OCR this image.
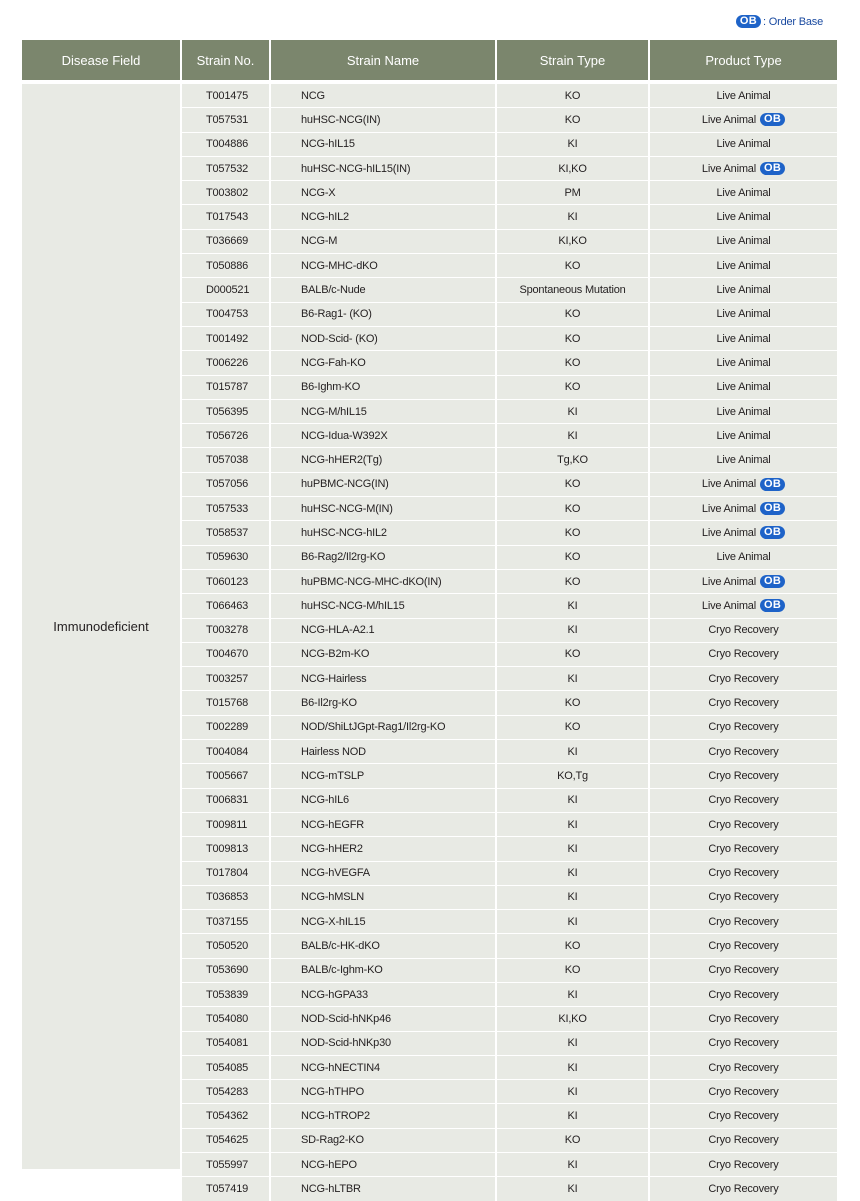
OB : Order Base
Disease Field	Strain No.	Strain Name	Strain Type	Product Type
Immunodeficient
T001475	NCG	KO	Live Animal
T057531	huHSC-NCG(IN)	KO	Live Animal OB
T004886	NCG-hIL15	KI	Live Animal
T057532	huHSC-NCG-hIL15(IN)	KI,KO	Live Animal OB
T003802	NCG-X	PM	Live Animal
T017543	NCG-hIL2	KI	Live Animal
T036669	NCG-M	KI,KO	Live Animal
T050886	NCG-MHC-dKO	KO	Live Animal
D000521	BALB/c-Nude	Spontaneous Mutation	Live Animal
T004753	B6-Rag1- (KO)	KO	Live Animal
T001492	NOD-Scid- (KO)	KO	Live Animal
T006226	NCG-Fah-KO	KO	Live Animal
T015787	B6-Ighm-KO	KO	Live Animal
T056395	NCG-M/hIL15	KI	Live Animal
T056726	NCG-Idua-W392X	KI	Live Animal
T057038	NCG-hHER2(Tg)	Tg,KO	Live Animal
T057056	huPBMC-NCG(IN)	KO	Live Animal OB
T057533	huHSC-NCG-M(IN)	KO	Live Animal OB
T058537	huHSC-NCG-hIL2	KO	Live Animal OB
T059630	B6-Rag2/Il2rg-KO	KO	Live Animal
T060123	huPBMC-NCG-MHC-dKO(IN)	KO	Live Animal OB
T066463	huHSC-NCG-M/hIL15	KI	Live Animal OB
T003278	NCG-HLA-A2.1	KI	Cryo Recovery
T004670	NCG-B2m-KO	KO	Cryo Recovery
T003257	NCG-Hairless	KI	Cryo Recovery
T015768	B6-Il2rg-KO	KO	Cryo Recovery
T002289	NOD/ShiLtJGpt-Rag1/Il2rg-KO	KO	Cryo Recovery
T004084	Hairless NOD	KI	Cryo Recovery
T005667	NCG-mTSLP	KO,Tg	Cryo Recovery
T006831	NCG-hIL6	KI	Cryo Recovery
T009811	NCG-hEGFR	KI	Cryo Recovery
T009813	NCG-hHER2	KI	Cryo Recovery
T017804	NCG-hVEGFA	KI	Cryo Recovery
T036853	NCG-hMSLN	KI	Cryo Recovery
T037155	NCG-X-hIL15	KI	Cryo Recovery
T050520	BALB/c-HK-dKO	KO	Cryo Recovery
T053690	BALB/c-Ighm-KO	KO	Cryo Recovery
T053839	NCG-hGPA33	KI	Cryo Recovery
T054080	NOD-Scid-hNKp46	KI,KO	Cryo Recovery
T054081	NOD-Scid-hNKp30	KI	Cryo Recovery
T054085	NCG-hNECTIN4	KI	Cryo Recovery
T054283	NCG-hTHPO	KI	Cryo Recovery
T054362	NCG-hTROP2	KI	Cryo Recovery
T054625	SD-Rag2-KO	KO	Cryo Recovery
T055997	NCG-hEPO	KI	Cryo Recovery
T057419	NCG-hLTBR	KI	Cryo Recovery
